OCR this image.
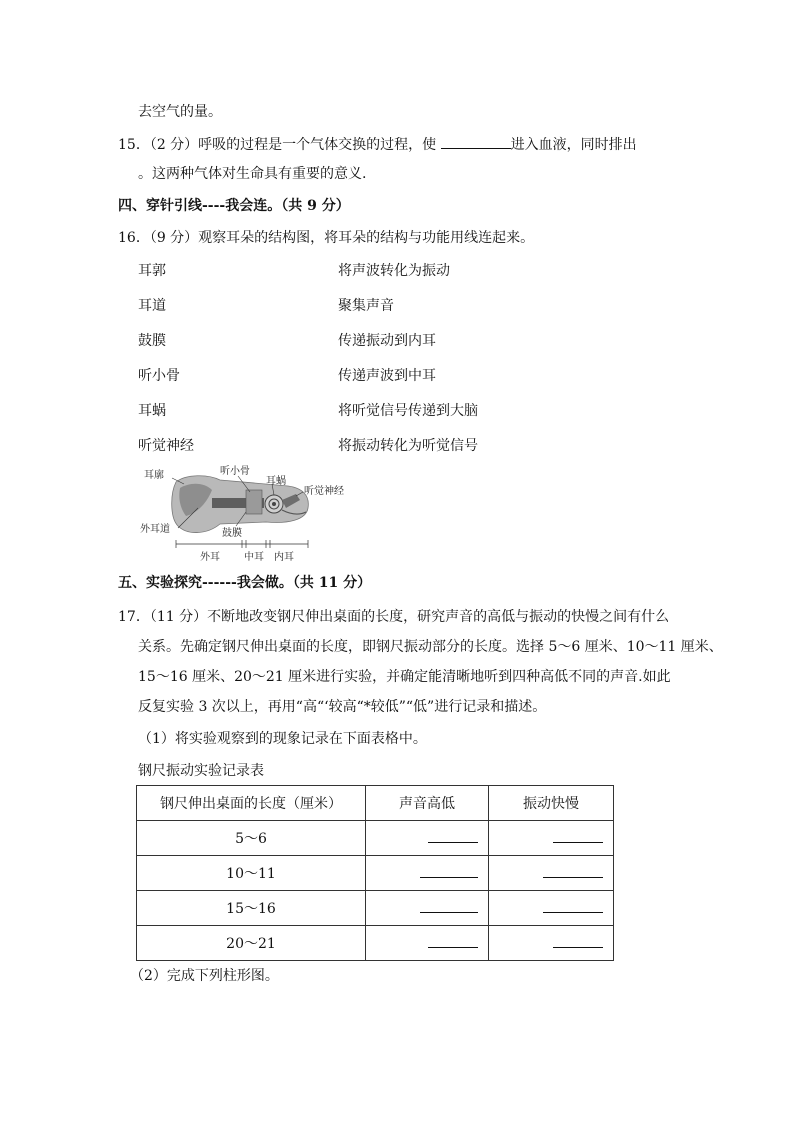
去空气的量。
15．（2 分）呼吸的过程是一个气体交换的过程，使	进入血液，同时排出
。这两种气体对生命具有重要的意义.
四、穿针引线----我会连。（共 9 分）
16．（9 分）观察耳朵的结构图，将耳朵的结构与功能用线连起来。
耳郭	将声波转化为振动
耳道	聚集声音
鼓膜	传递振动到内耳
听小骨	传递声波到中耳
耳蜗	将听觉信号传递到大脑
听觉神经	将振动转化为听觉信号
耳廓	听小骨
耳蜗
听觉神经
外耳道	鼓膜
外耳 中耳 内耳
五、实验探究------我会做。（共 11 分）
17．（11 分）不断地改变钢尺伸出桌面的长度，研究声音的高低与振动的快慢之间有什么
关系。先确定钢尺伸出桌面的长度，即钢尺振动部分的长度。选择 5～6 厘米、10～11 厘米、
15～16 厘米、20～21 厘米进行实验，并确定能清晰地听到四种高低不同的声音.如此
反复实验 3 次以上，再用“高“‘较高“*较低”“低”进行记录和描述。
（1）将实验观察到的现象记录在下面表格中。
钢尺振动实验记录表
钢尺伸出桌面的长度（厘米）	声音高低	振动快慢
5～6		
10～11		
15～16		
20～21		
（2）完成下列柱形图。
